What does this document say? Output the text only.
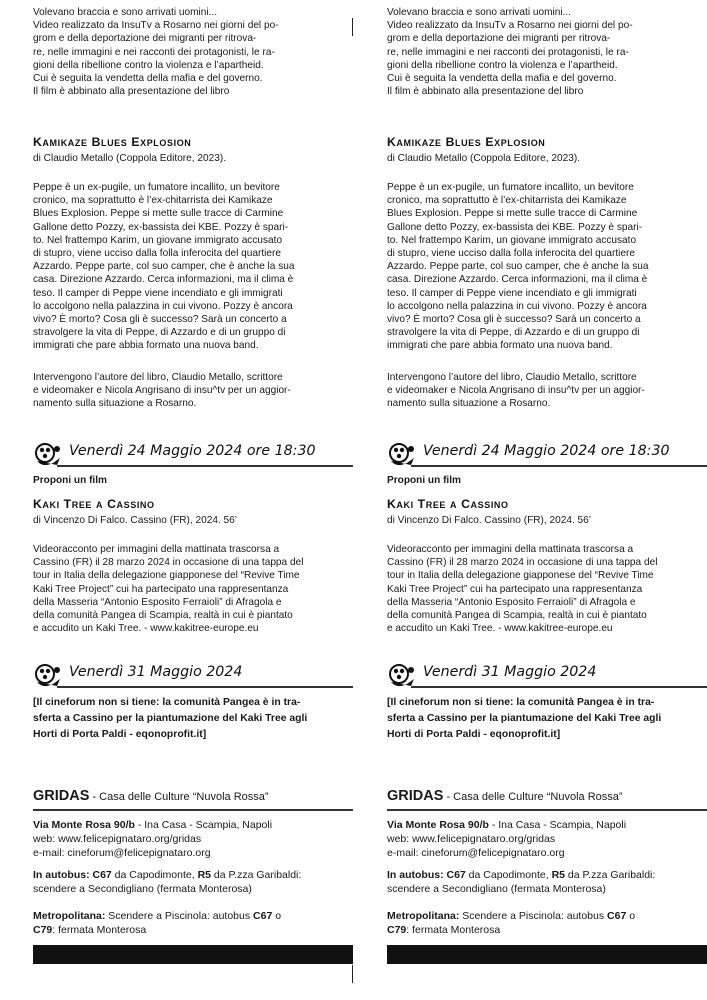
Volevano braccia e sono arrivati uomini...
Video realizzato da InsuTv a Rosarno nei giorni del po-
grom e della deportazione dei migranti per ritrova-
re, nelle immagini e nei racconti dei protagonisti, le ra-
gioni della ribellione contro la violenza e l’apartheid.
Cui è seguita la vendetta della mafia e del governo.
Il film è abbinato alla presentazione del libro
Kamikaze Blues Explosion
di Claudio Metallo (Coppola Editore, 2023).
Peppe è un ex-pugile, un fumatore incallito, un bevitore
cronico, ma soprattutto è l’ex-chitarrista dei Kamikaze
Blues Explosion. Peppe si mette sulle tracce di Carmine
Gallone detto Pozzy, ex-bassista dei KBE. Pozzy è spari-
to. Nel frattempo Karim, un giovane immigrato accusato
di stupro, viene ucciso dalla folla inferocita del quartiere
Azzardo. Peppe parte, col suo camper, che è anche la sua
casa. Direzione Azzardo. Cerca informazioni, ma il clima è
teso. Il camper di Peppe viene incendiato e gli immigrati
lo accolgono nella palazzina in cui vivono. Pozzy è ancora
vivo? È morto? Cosa gli è successo? Sarà un concerto a
stravolgere la vita di Peppe, di Azzardo e di un gruppo di
immigrati che pare abbia formato una nuova band.
Intervengono l’autore del libro, Claudio Metallo, scrittore
e videomaker e Nicola Angrisano di insu^tv per un aggior-
namento sulla situazione a Rosarno.
Venerdì 24 Maggio 2024 ore 18:30
Proponi un film
Kaki Tree a Cassino
di Vincenzo Di Falco. Cassino (FR), 2024. 56’
Videoracconto per immagini della mattinata trascorsa a
Cassino (FR) il 28 marzo 2024 in occasione di una tappa del
tour in Italia della delegazione giapponese del “Revive Time
Kaki Tree Project” cui ha partecipato una rappresentanza
della Masseria “Antonio Esposito Ferraioli” di Afragola e
della comunità Pangea di Scampia, realtà in cui è piantato
e accudito un Kaki Tree. - www.kakitree-europe.eu
Venerdì 31 Maggio 2024
[Il cineforum non si tiene: la comunità Pangea è in tra-
sferta a Cassino per la piantumazione del Kaki Tree agli
Horti di Porta Paldi - eqonoprofit.it]
GRIDAS - Casa delle Culture “Nuvola Rossa”
Via Monte Rosa 90/b - Ina Casa - Scampia, Napoli
web: www.felicepignataro.org/gridas
e-mail: cineforum@felicepignataro.org
In autobus: C67 da Capodimonte, R5 da P.zza Garibaldi:
scendere a Secondigliano (fermata Monterosa)
Metropolitana: Scendere a Piscinola: autobus C67 o
C79: fermata Monterosa
Volevano braccia e sono arrivati uomini...
Video realizzato da InsuTv a Rosarno nei giorni del po-
grom e della deportazione dei migranti per ritrova-
re, nelle immagini e nei racconti dei protagonisti, le ra-
gioni della ribellione contro la violenza e l’apartheid.
Cui è seguita la vendetta della mafia e del governo.
Il film è abbinato alla presentazione del libro
Kamikaze Blues Explosion
di Claudio Metallo (Coppola Editore, 2023).
Peppe è un ex-pugile, un fumatore incallito, un bevitore
cronico, ma soprattutto è l’ex-chitarrista dei Kamikaze
Blues Explosion. Peppe si mette sulle tracce di Carmine
Gallone detto Pozzy, ex-bassista dei KBE. Pozzy è spari-
to. Nel frattempo Karim, un giovane immigrato accusato
di stupro, viene ucciso dalla folla inferocita del quartiere
Azzardo. Peppe parte, col suo camper, che è anche la sua
casa. Direzione Azzardo. Cerca informazioni, ma il clima è
teso. Il camper di Peppe viene incendiato e gli immigrati
lo accolgono nella palazzina in cui vivono. Pozzy è ancora
vivo? È morto? Cosa gli è successo? Sarà un concerto a
stravolgere la vita di Peppe, di Azzardo e di un gruppo di
immigrati che pare abbia formato una nuova band.
Intervengono l’autore del libro, Claudio Metallo, scrittore
e videomaker e Nicola Angrisano di insu^tv per un aggior-
namento sulla situazione a Rosarno.
Venerdì 24 Maggio 2024 ore 18:30
Proponi un film
Kaki Tree a Cassino
di Vincenzo Di Falco. Cassino (FR), 2024. 56’
Videoracconto per immagini della mattinata trascorsa a
Cassino (FR) il 28 marzo 2024 in occasione di una tappa del
tour in Italia della delegazione giapponese del “Revive Time
Kaki Tree Project” cui ha partecipato una rappresentanza
della Masseria “Antonio Esposito Ferraioli” di Afragola e
della comunità Pangea di Scampia, realtà in cui è piantato
e accudito un Kaki Tree. - www.kakitree-europe.eu
Venerdì 31 Maggio 2024
[Il cineforum non si tiene: la comunità Pangea è in tra-
sferta a Cassino per la piantumazione del Kaki Tree agli
Horti di Porta Paldi - eqonoprofit.it]
GRIDAS - Casa delle Culture “Nuvola Rossa”
Via Monte Rosa 90/b - Ina Casa - Scampia, Napoli
web: www.felicepignataro.org/gridas
e-mail: cineforum@felicepignataro.org
In autobus: C67 da Capodimonte, R5 da P.zza Garibaldi:
scendere a Secondigliano (fermata Monterosa)
Metropolitana: Scendere a Piscinola: autobus C67 o
C79: fermata Monterosa
